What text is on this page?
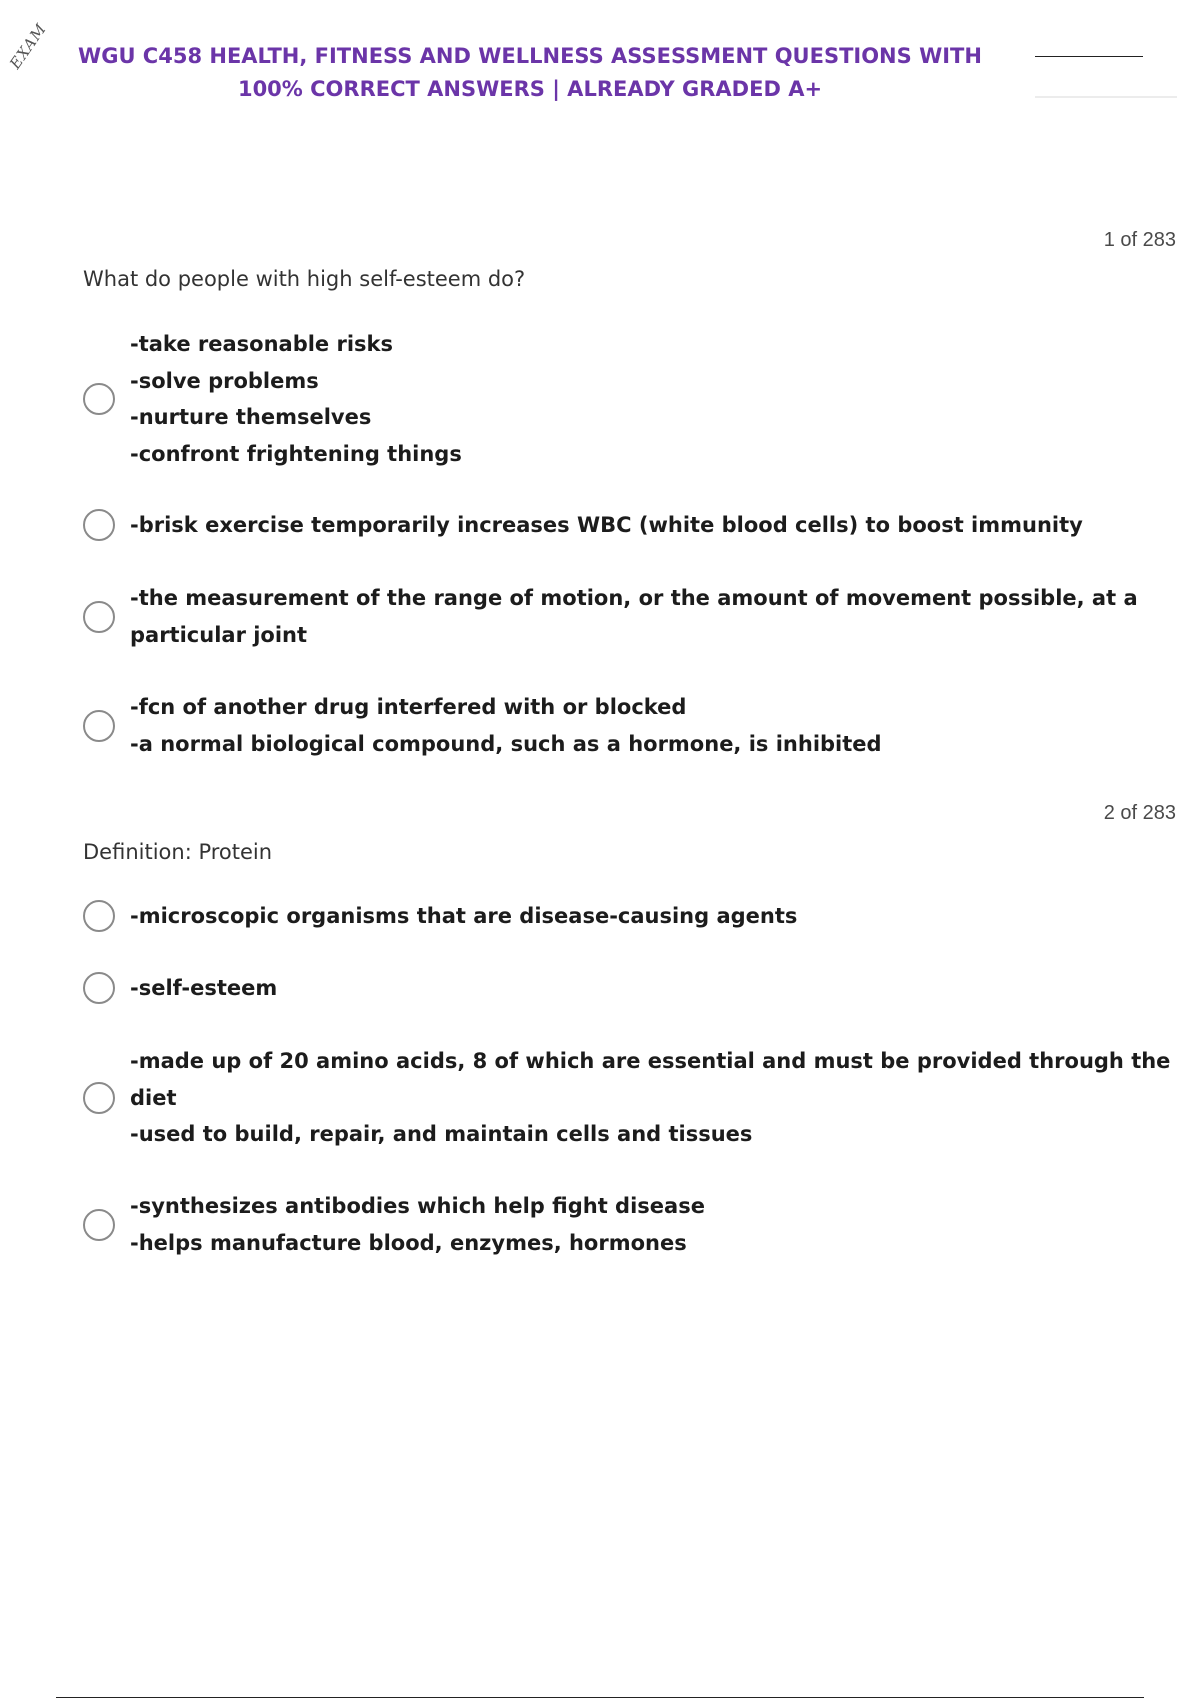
EXAM	WGU C458 HEALTH, FITNESS AND WELLNESS ASSESSMENT QUESTIONS WITH
100% CORRECT ANSWERS | ALREADY GRADED A+
1 of 283
What do people with high self-esteem do?
-take reasonable risks
-solve problems
-nurture themselves
-confront frightening things
-brisk exercise temporarily increases WBC (white blood cells) to boost immunity
-the measurement of the range of motion, or the amount of movement possible, at a
particular joint
-fcn of another drug interfered with or blocked
-a normal biological compound, such as a hormone, is inhibited
2 of 283
Definition: Protein
-microscopic organisms that are disease-causing agents
-self-esteem
-made up of 20 amino acids, 8 of which are essential and must be provided through the
diet
-used to build, repair, and maintain cells and tissues
-synthesizes antibodies which help fight disease
-helps manufacture blood, enzymes, hormones
